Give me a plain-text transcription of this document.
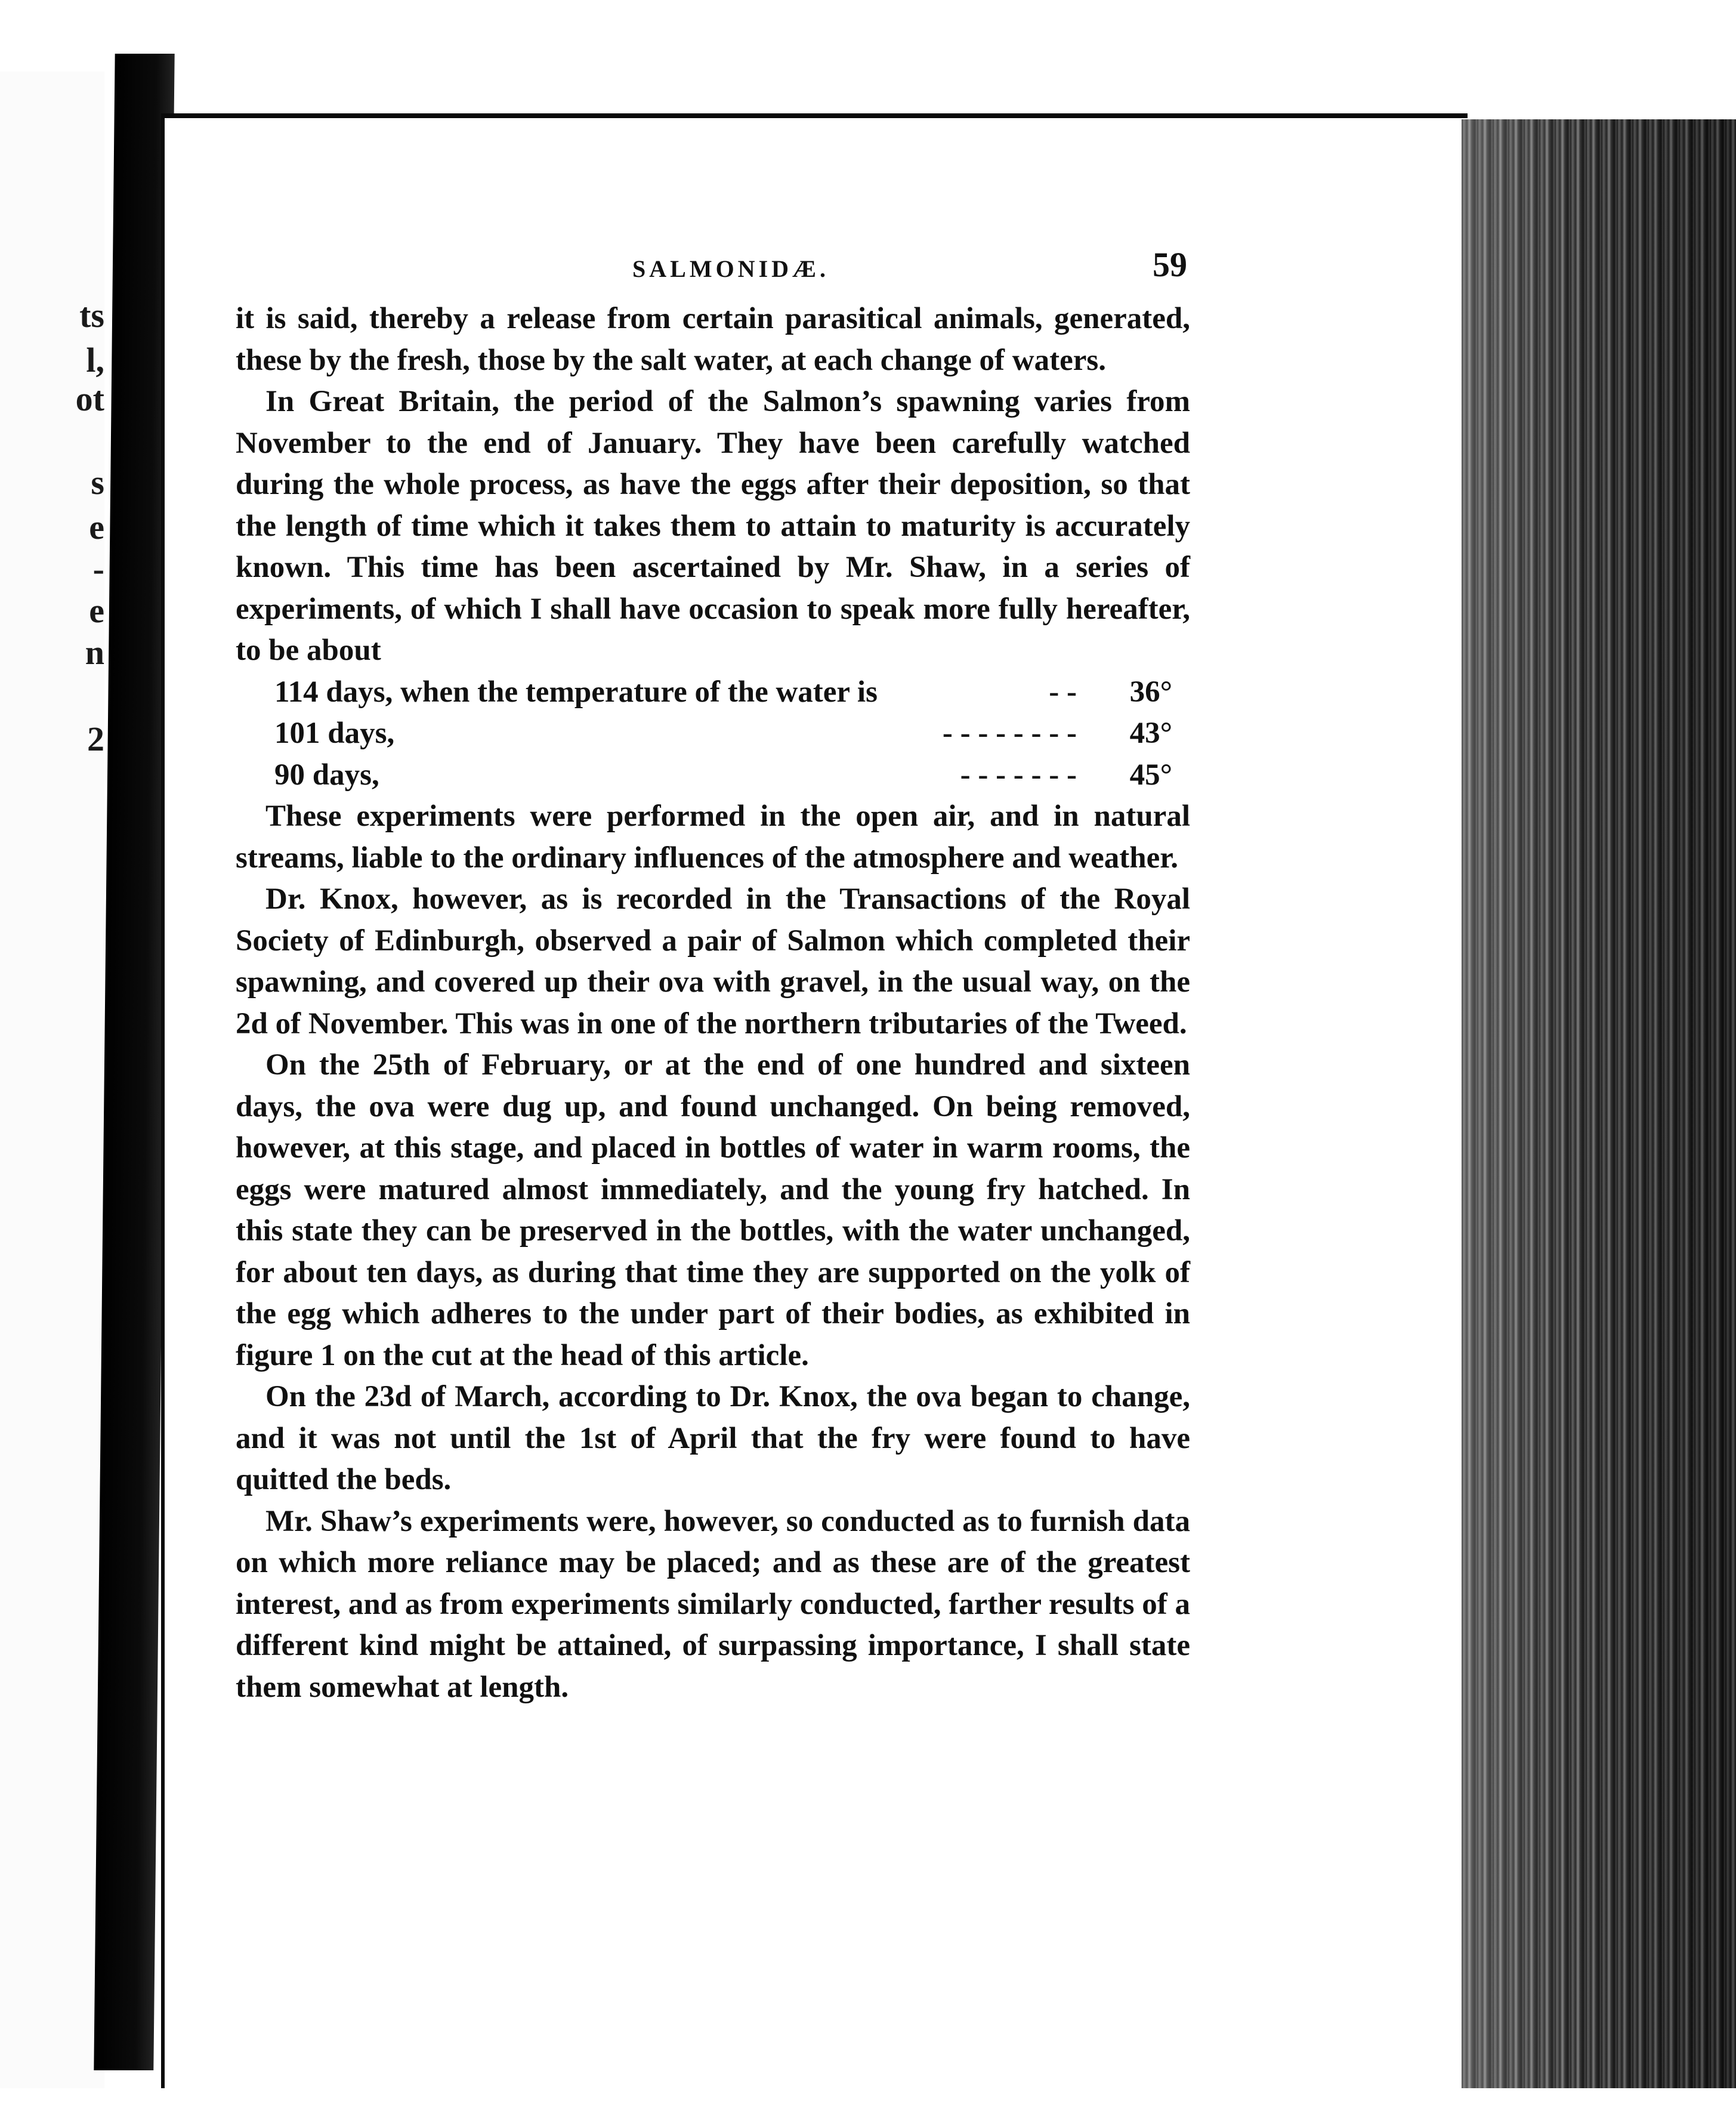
ts
l,
ot
s
e
-
e
n
2
SALMONIDÆ.	59

it is said, thereby a release from certain parasitical animals, generated, these by the fresh, those by the salt water, at each change of waters.

In Great Britain, the period of the Salmon’s spawning varies from November to the end of January. They have been carefully watched during the whole process, as have the eggs after their deposition, so that the length of time which it takes them to attain to maturity is accurately known. This time has been ascertained by Mr. Shaw, in a series of experiments, of which I shall have occasion to speak more fully hereafter, to be about

114 days, when the temperature of the water is	- -	36°
101 days,	- - - - - - - -	43°
90 days,	- - - - - - -	45°

These experiments were performed in the open air, and in natural streams, liable to the ordinary influences of the atmosphere and weather.

Dr. Knox, however, as is recorded in the Transactions of the Royal Society of Edinburgh, observed a pair of Salmon which completed their spawning, and covered up their ova with gravel, in the usual way, on the 2d of November. This was in one of the northern tributaries of the Tweed.

On the 25th of February, or at the end of one hundred and sixteen days, the ova were dug up, and found unchanged. On being removed, however, at this stage, and placed in bottles of water in warm rooms, the eggs were matured almost immediately, and the young fry hatched. In this state they can be preserved in the bottles, with the water unchanged, for about ten days, as during that time they are supported on the yolk of the egg which adheres to the under part of their bodies, as exhibited in figure 1 on the cut at the head of this article.

On the 23d of March, according to Dr. Knox, the ova began to change, and it was not until the 1st of April that the fry were found to have quitted the beds.

Mr. Shaw’s experiments were, however, so conducted as to furnish data on which more reliance may be placed; and as these are of the greatest interest, and as from experiments similarly conducted, farther results of a different kind might be attained, of surpassing importance, I shall state them somewhat at length.
